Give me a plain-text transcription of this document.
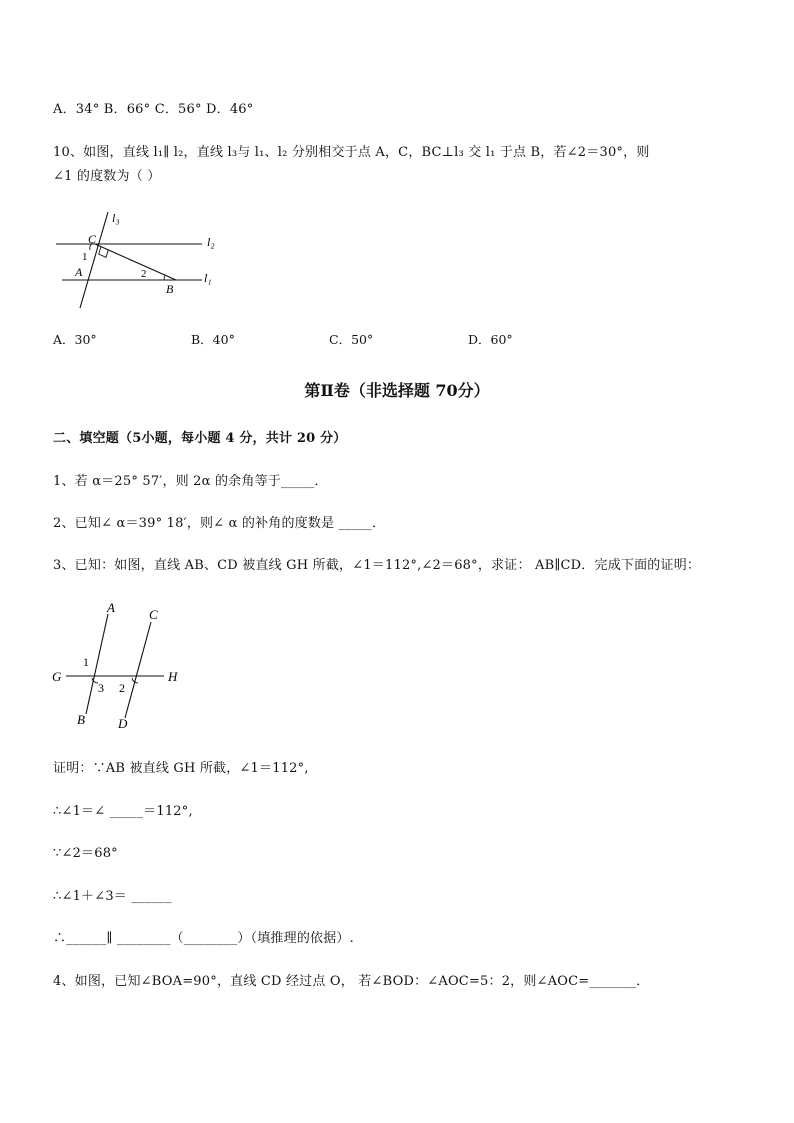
A．34° B．66° C．56° D．46°
10、如图，直线 l₁∥ l₂，直线 l₃与 l₁、l₂ 分别相交于点 A，C，BC⊥l₃ 交 l₁ 于点 B，若∠2＝30°，则
∠1 的度数为（ ）
l₃
l₂
l₁
C
1
A	2
B
A．30°	B．40°	C．50°	D．60°
第Ⅱ卷（非选择题 70分）
二、填空题（5小题，每小题 4 分，共计 20 分）
1、若 α＝25° 57′，则 2α 的余角等于_____．
2、已知∠ α＝39° 18′，则∠ α 的补角的度数是 _____．
3、已知：如图，直线 AB、CD 被直线 GH 所截，∠1＝112°,∠2＝68°，求证： AB∥CD．完成下面的证明：
A	C
G	H
1
3 2
B	D
证明：∵AB 被直线 GH 所截，∠1＝112°,
∴∠1＝∠ _____＝112°,
∵∠2＝68°
∴∠1＋∠3＝ ______
∴______∥ ________（________）（填推理的依据）.
4、如图，已知∠BOA=90°，直线 CD 经过点 O， 若∠BOD：∠AOC=5：2，则∠AOC=_______．
